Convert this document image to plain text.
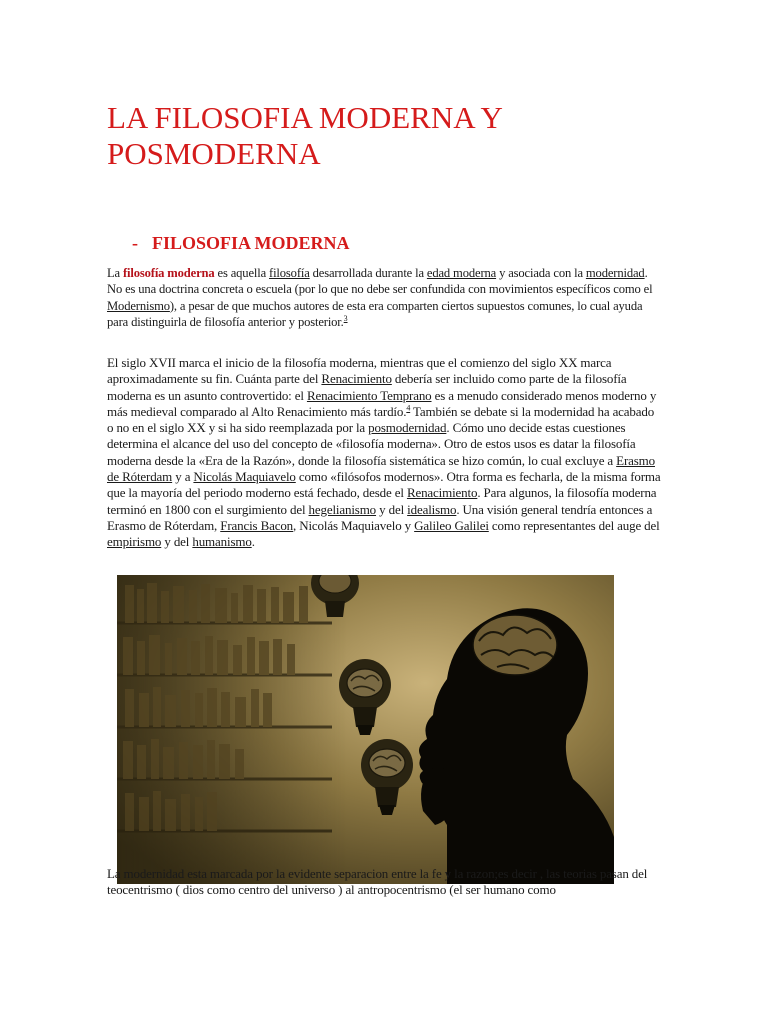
LA FILOSOFIA MODERNA Y POSMODERNA
- FILOSOFIA MODERNA

La filosofía moderna es aquella filosofía desarrollada durante la edad moderna y asociada con la modernidad. No es una doctrina concreta o escuela (por lo que no debe ser confundida con movimientos específicos como el Modernismo), a pesar de que muchos autores de esta era comparten ciertos supuestos comunes, lo cual ayuda para distinguirla de filosofía anterior y posterior.$^3$

El siglo XVII marca el inicio de la filosofía moderna, mientras que el comienzo del siglo XX marca aproximadamente su fin. Cuánta parte del Renacimiento debería ser incluido como parte de la filosofía moderna es un asunto controvertido: el Renacimiento Temprano es a menudo considerado menos moderno y más medieval comparado al Alto Renacimiento más tardío.$^4$ También se debate si la modernidad ha acabado o no en el siglo XX y si ha sido reemplazada por la posmodernidad. Cómo uno decide estas cuestiones determina el alcance del uso del concepto de «filosofía moderna». Otro de estos usos es datar la filosofía moderna desde la «Era de la Razón», donde la filosofía sistemática se hizo común, lo cual excluye a Erasmo de Róterdam y a Nicolás Maquiavelo como «filósofos modernos». Otra forma es fecharla, de la misma forma que la mayoría del periodo moderno está fechado, desde el Renacimiento. Para algunos, la filosofía moderna terminó en 1800 con el surgimiento del hegelianismo y del idealismo. Una visión general tendría entonces a Erasmo de Róterdam, Francis Bacon, Nicolás Maquiavelo y Galileo Galilei como representantes del auge del empirismo y del humanismo.

La modernidad esta marcada por la evidente separacion entre la fe y la razon;es decir , las teorias pasan del teocentrismo ( dios como centro del universo ) al antropocentrismo (el ser humano como
